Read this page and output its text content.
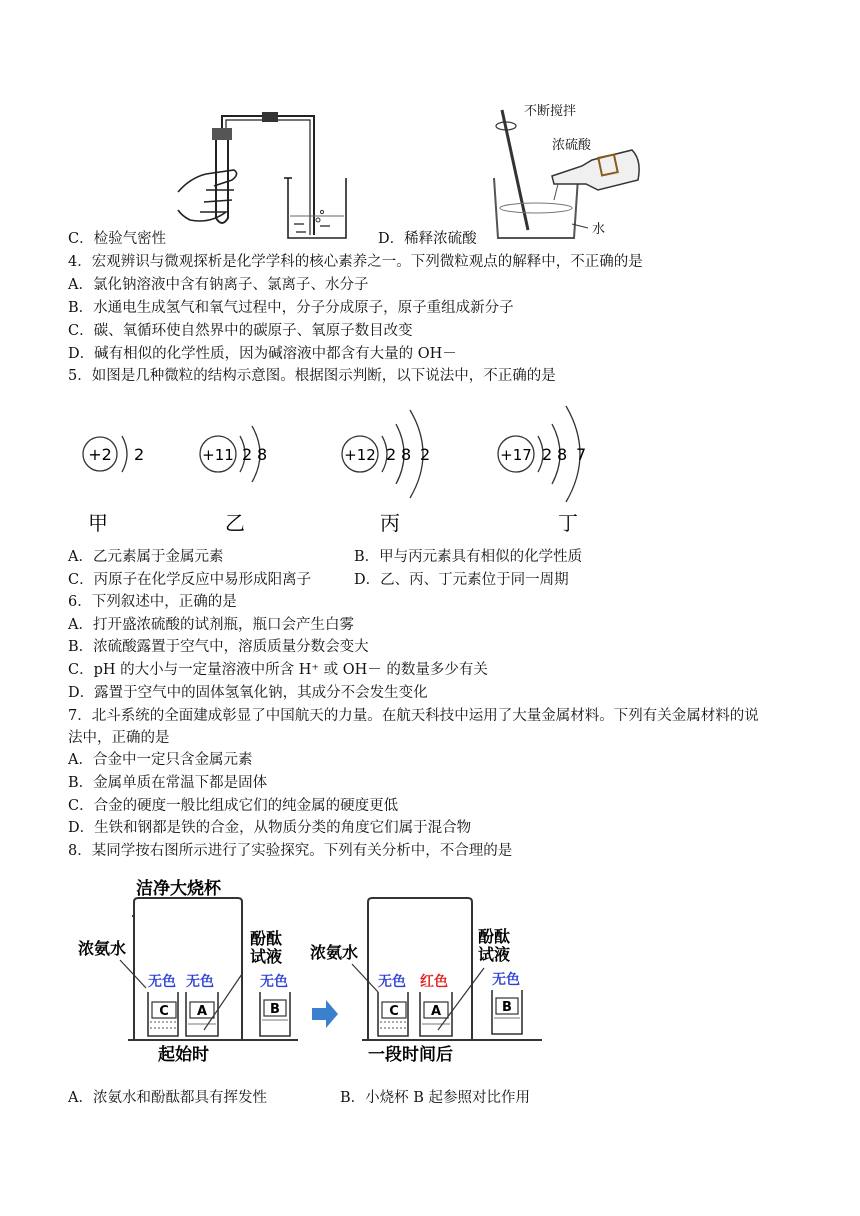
C．检验气密性
不断搅拌
浓硫酸
水
D．稀释浓硫酸
4．宏观辨识与微观探析是化学学科的核心素养之一。下列微粒观点的解释中，不正确的是
A．氯化钠溶液中含有钠离子、氯离子、水分子
B．水通电生成氢气和氧气过程中，分子分成原子，原子重组成新分子
C．碳、氧循环使自然界中的碳原子、氧原子数目改变
D．碱有相似的化学性质，因为碱溶液中都含有大量的 OH－
5．如图是几种微粒的结构示意图。根据图示判断，以下说法中，不正确的是
+2 2
甲
+11 2 8
乙
+12 2 8 2
丙
+17 2 8 7
丁
A．乙元素属于金属元素	B．甲与丙元素具有相似的化学性质
C．丙原子在化学反应中易形成阳离子	D．乙、丙、丁元素位于同一周期
6．下列叙述中，正确的是
A．打开盛浓硫酸的试剂瓶，瓶口会产生白雾
B．浓硫酸露置于空气中，溶质质量分数会变大
C．pH 的大小与一定量溶液中所含 H⁺ 或 OH－ 的数量多少有关
D．露置于空气中的固体氢氧化钠，其成分不会发生变化
7．北斗系统的全面建成彰显了中国航天的力量。在航天科技中运用了大量金属材料。下列有关金属材料的说
法中，正确的是
A．合金中一定只含金属元素
B．金属单质在常温下都是固体
C．合金的硬度一般比组成它们的纯金属的硬度更低
D．生铁和钢都是铁的合金，从物质分类的角度它们属于混合物
8．某同学按右图所示进行了实验探究。下列有关分析中，不合理的是
洁净大烧杯
浓氨水
无色 无色
C A
酚酞
试液
无色
B
起始时
浓氨水
无色 红色
C A
酚酞
试液
无色
B
一段时间后
A．浓氨水和酚酞都具有挥发性	B．小烧杯 B 起参照对比作用
